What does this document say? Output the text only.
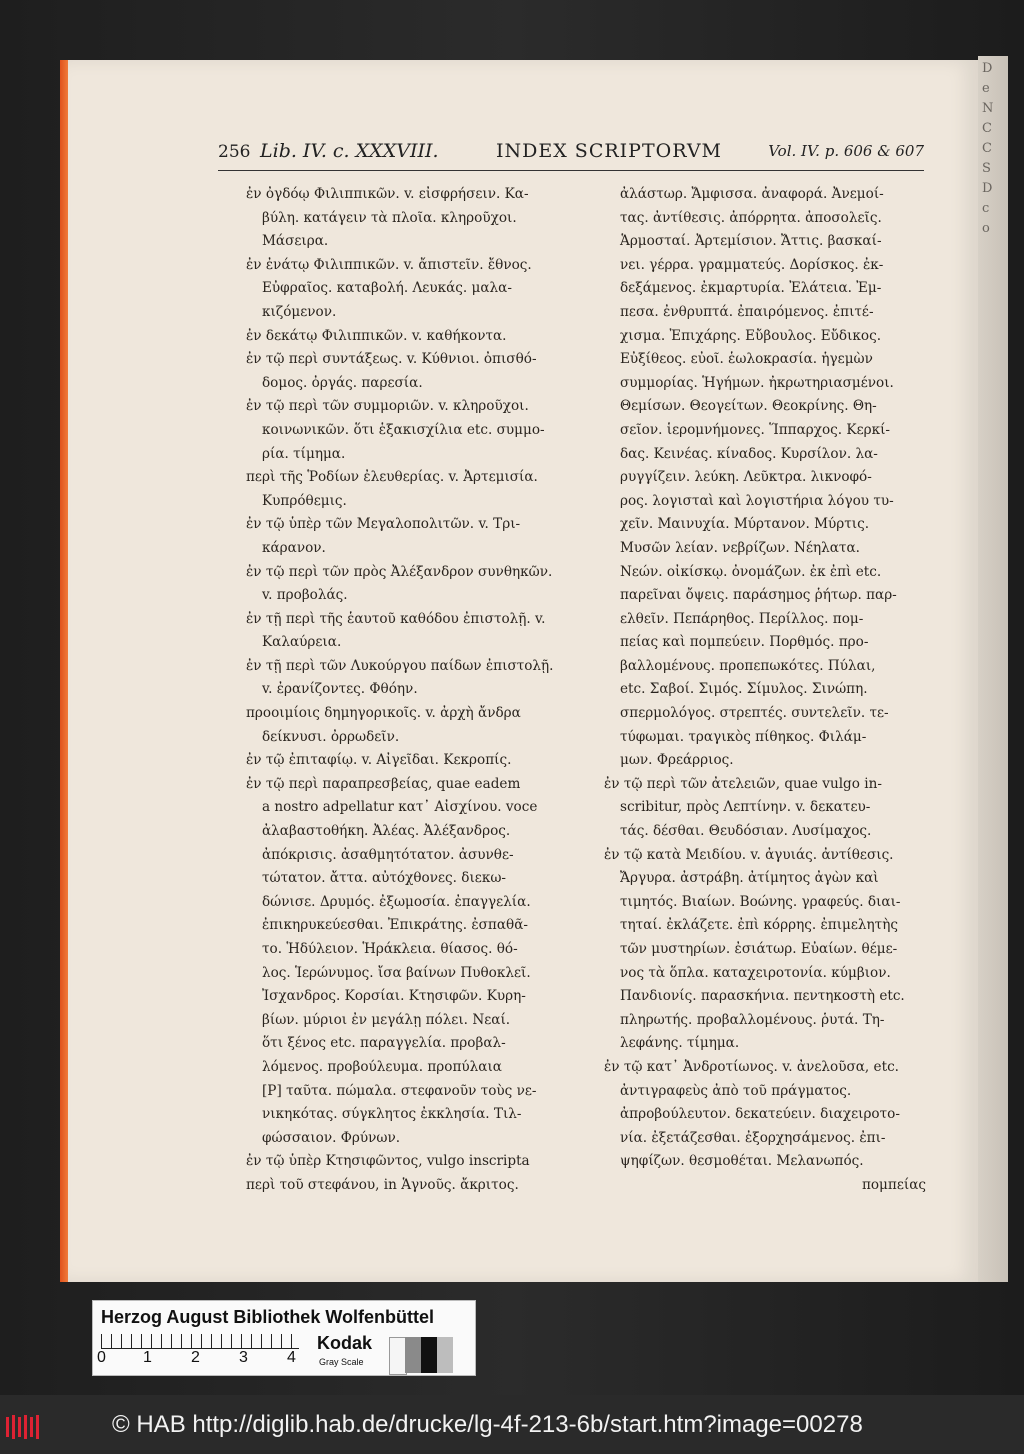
D
e
N
C
C
S
D
c
o
256 Lib. IV. c. XXXVIII.	INDEX SCRIPTORVM	Vol. IV. p. 606 & 607
ἐν ὀγδόῳ Φιλιππικῶν. v. εἰσφρήσειν. Κα-
βύλη. κατάγειν τὰ πλοῖα. κληροῦχοι.
Μάσειρα.
ἐν ἐνάτῳ Φιλιππικῶν. v. ἄπιστεῖν. ἔθνος.
Εὐφραῖος. καταβολή. Λευκάς. μαλα-
κιζόμενον.
ἐν δεκάτῳ Φιλιππικῶν. v. καθήκοντα.
ἐν τῷ περὶ συντάξεως. v. Κύθνιοι. ὀπισθό-
δομος. ὀργάς. παρεσία.
ἐν τῷ περὶ τῶν συμμοριῶν. v. κληροῦχοι.
κοινωνικῶν. ὅτι ἑξακισχίλια etc. συμμο-
ρία. τίμημα.
περὶ τῆς Ῥοδίων ἐλευθερίας. v. Ἀρτεμισία.
Κυπρόθεμις.
ἐν τῷ ὑπὲρ τῶν Μεγαλοπολιτῶν. v. Τρι-
κάρανον.
ἐν τῷ περὶ τῶν πρὸς Ἀλέξανδρον συνθηκῶν.
v. προβολάς.
ἐν τῇ περὶ τῆς ἑαυτοῦ καθόδου ἐπιστολῇ. v.
Καλαύρεια.
ἐν τῇ περὶ τῶν Λυκούργου παίδων ἐπιστολῇ.
v. ἐρανίζοντες. Φθόην.
προοιμίοις δημηγορικοῖς. v. ἀρχὴ ἄνδρα
δείκνυσι. ὀρρωδεῖν.
ἐν τῷ ἐπιταφίῳ. v. Αἰγεῖδαι. Κεκροπίς.
ἐν τῷ περὶ παραπρεσβείας, quae eadem
a nostro adpellatur κατ᾽ Αἰσχίνου. voce
ἀλαβαστοθήκη. Ἀλέας. Ἀλέξανδρος.
ἀπόκρισις. ἀσαθμητότατον. ἀσυνθε-
τώτατον. ἄττα. αὐτόχθονες. διεκω-
δώνισε. Δρυμός. ἐξωμοσία. ἐπαγγελία.
ἐπικηρυκεύεσθαι. Ἐπικράτης. ἐσπαθᾶ-
το. Ἡδύλειον. Ἡράκλεια. θίασος. θό-
λος. Ἱερώνυμος. ἴσα βαίνων Πυθοκλεῖ.
Ἰσχανδρος. Κορσίαι. Κτησιφῶν. Κυρη-
βίων. μύριοι ἐν μεγάλῃ πόλει. Νεαί.
ὅτι ξένος etc. παραγγελία. προβαλ-
λόμενος. προβούλευμα. προπύλαια
[Ρ] ταῦτα. πώμαλα. στεφανοῦν τοὺς νε-
νικηκότας. σύγκλητος ἐκκλησία. Τιλ-
φώσσαιον. Φρύνων.
ἐν τῷ ὑπὲρ Κτησιφῶντος, vulgo inscripta
περὶ τοῦ στεφάνου, in Ἁγνοῦς. ἄκριτος.
ἀλάστωρ. Ἄμφισσα. ἀναφορά. Ἀνεμοί-
τας. ἀντίθεσις. ἀπόρρητα. ἀποσολεῖς.
Ἁρμοσταί. Ἀρτεμίσιον. Ἄττις. βασκαί-
νει. γέρρα. γραμματεύς. Δορίσκος. ἐκ-
δεξάμενος. ἐκμαρτυρία. Ἐλάτεια. Ἐμ-
πεσα. ἐνθρυπτά. ἐπαιρόμενος. ἐπιτέ-
χισμα. Ἐπιχάρης. Εὔβουλος. Εὔδικος.
Εὐξίθεος. εὐοῖ. ἑωλοκρασία. ἡγεμὼν
συμμορίας. Ἡγήμων. ἠκρωτηριασμένοι.
Θεμίσων. Θεογείτων. Θεοκρίνης. Θη-
σεῖον. ἱερομνήμονες. Ἵππαρχος. Κερκί-
δας. Κεινέας. κίναδος. Κυρσίλον. λα-
ρυγγίζειν. λεύκη. Λεῦκτρα. λικνοφό-
ρος. λογισταὶ καὶ λογιστήρια λόγου τυ-
χεῖν. Μαινυχία. Μύρτανον. Μύρτις.
Μυσῶν λείαν. νεβρίζων. Νέηλατα.
Νεών. οἰκίσκῳ. ὀνομάζων. ἐκ ἐπὶ etc.
παρεῖναι ὄψεις. παράσημος ῥήτωρ. παρ-
ελθεῖν. Πεπάρηθος. Περίλλος. πομ-
πείας καὶ πομπεύειν. Πορθμός. προ-
βαλλομένους. προπεπωκότες. Πύλαι,
etc. Σαβοί. Σιμός. Σίμυλος. Σινώπη.
σπερμολόγος. στρεπτές. συντελεῖν. τε-
τύφωμαι. τραγικὸς πίθηκος. Φιλάμ-
μων. Φρεάρριος.
ἐν τῷ περὶ τῶν ἀτελειῶν, quae vulgo in-
scribitur, πρὸς Λεπτίνην. v. δεκατευ-
τάς. δέσθαι. Θευδόσιαν. Λυσίμαχος.
ἐν τῷ κατὰ Μειδίου. v. ἀγυιάς. ἀντίθεσις.
Ἄργυρα. ἀστράβη. ἀτίμητος ἀγὼν καὶ
τιμητός. Βιαίων. Βοώνης. γραφεύς. διαι-
τηταί. ἐκλάζετε. ἐπὶ κόρρης. ἐπιμελητὴς
τῶν μυστηρίων. ἐσιάτωρ. Εὐαίων. θέμε-
νος τὰ ὅπλα. καταχειροτονία. κύμβιον.
Πανδιονίς. παρασκήνια. πεντηκοστὴ etc.
πληρωτής. προβαλλομένους. ῥυτά. Τη-
λεφάνης. τίμημα.
ἐν τῷ κατ᾽ Ἀνδροτίωνος. v. ἀνελοῦσα, etc.
ἀντιγραφεὺς ἀπὸ τοῦ πράγματος.
ἀπροβούλευτον. δεκατεύειν. διαχειροτο-
νία. ἐξετάζεσθαι. ἐξορχησάμενος. ἐπι-
ψηφίζων. θεσμοθέται. Μελανωπός.
πομπείας
Herzog August Bibliothek Wolfenbüttel
0 1 2 3 4
Kodak
Gray Scale
© HAB http://diglib.hab.de/drucke/lg-4f-213-6b/start.htm?image=00278
